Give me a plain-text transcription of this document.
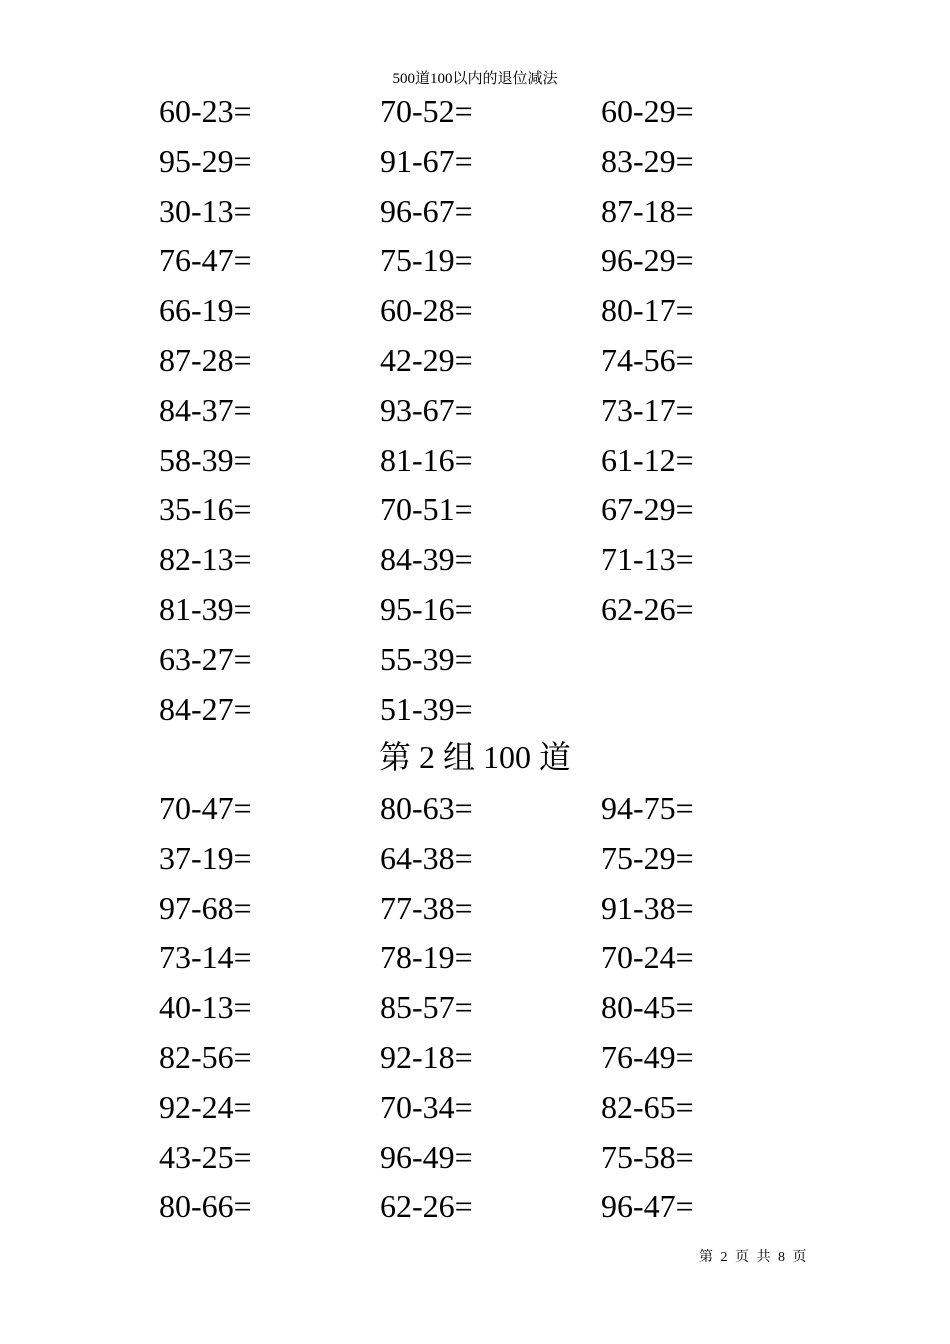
500道100以内的退位减法
60-23=	70-52=	60-29=
95-29=	91-67=	83-29=
30-13=	96-67=	87-18=
76-47=	75-19=	96-29=
66-19=	60-28=	80-17=
87-28=	42-29=	74-56=
84-37=	93-67=	73-17=
58-39=	81-16=	61-12=
35-16=	70-51=	67-29=
82-13=	84-39=	71-13=
81-39=	95-16=	62-26=
63-27=	55-39=
84-27=	51-39=
第 2 组 100 道
70-47=	80-63=	94-75=
37-19=	64-38=	75-29=
97-68=	77-38=	91-38=
73-14=	78-19=	70-24=
40-13=	85-57=	80-45=
82-56=	92-18=	76-49=
92-24=	70-34=	82-65=
43-25=	96-49=	75-58=
80-66=	62-26=	96-47=
第 2 页 共 8 页
